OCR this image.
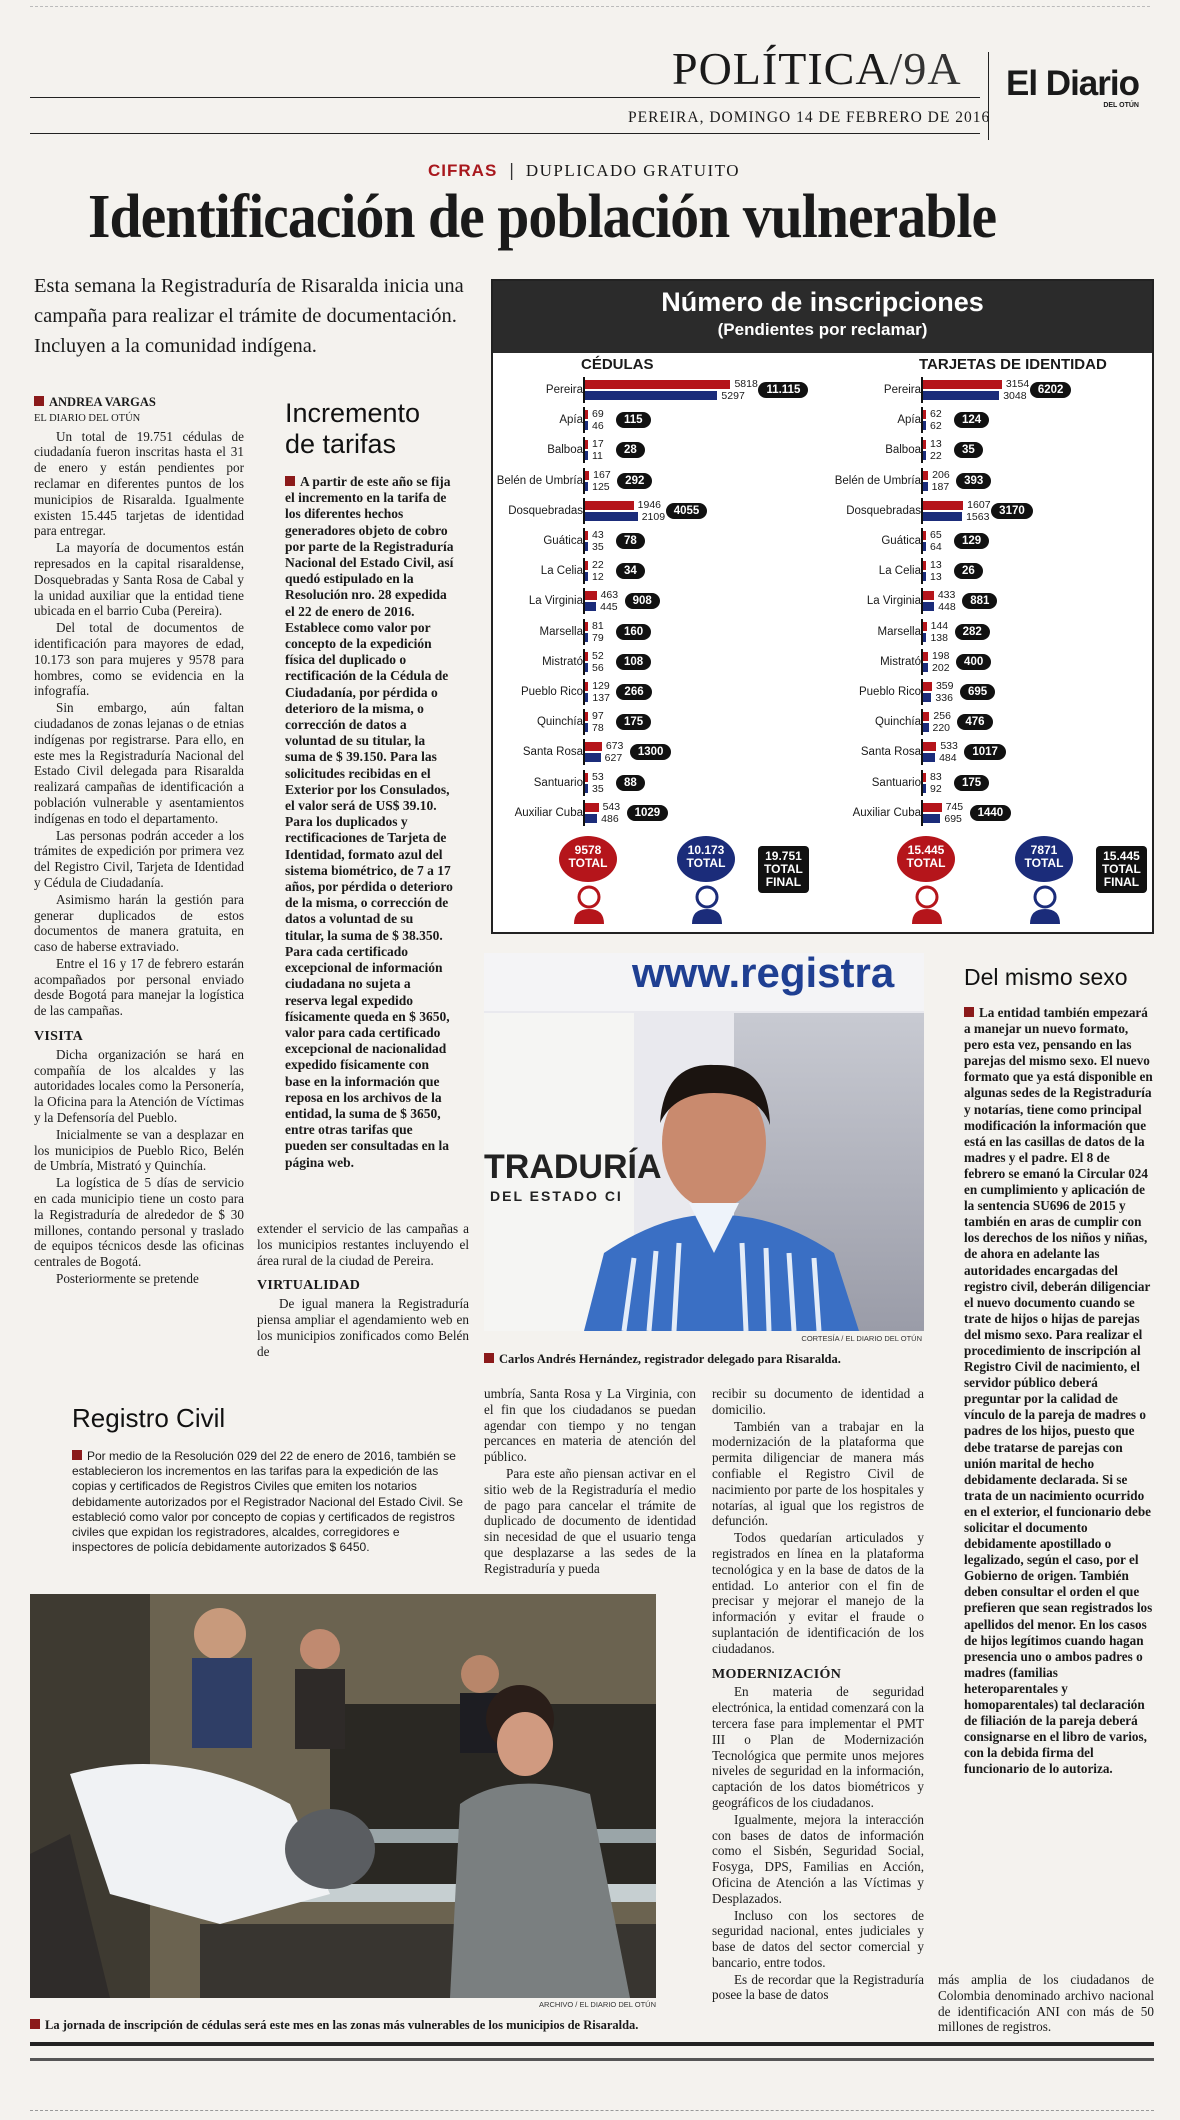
POLÍTICA/9A
PEREIRA, DOMINGO 14 DE FEBRERO DE 2016
El Diario
DEL OTÚN
CIFRAS | DUPLICADO GRATUITO
Identificación de población vulnerable
Esta semana la Registraduría de Risaralda inicia una campaña para realizar el trámite de documentación. Incluyen a la comunidad indígena.
ANDREA VARGAS
EL DIARIO DEL OTÚN

Un total de 19.751 cédulas de ciudadanía fueron inscritas hasta el 31 de enero y están pendientes por reclamar en diferentes puntos de los municipios de Risaralda. Igualmente existen 15.445 tarjetas de identidad para entregar.

La mayoría de documentos están represados en la capital risaraldense, Dosquebradas y Santa Rosa de Cabal y la unidad auxiliar que la entidad tiene ubicada en el barrio Cuba (Pereira).

Del total de documentos de identificación para mayores de edad, 10.173 son para mujeres y 9578 para hombres, como se evidencia en la infografía.

Sin embargo, aún faltan ciudadanos de zonas lejanas o de etnias indígenas por registrarse. Para ello, en este mes la Registraduría Nacional del Estado Civil delegada para Risaralda realizará campañas de identificación a población vulnerable y asentamientos indígenas en todo el departamento.

Las personas podrán acceder a los trámites de expedición por primera vez del Registro Civil, Tarjeta de Identidad y Cédula de Ciudadanía.

Asimismo harán la gestión para generar duplicados de estos documentos de manera gratuita, en caso de haberse extraviado.

Entre el 16 y 17 de febrero estarán acompañados por personal enviado desde Bogotá para manejar la logística de las campañas.

VISITA

Dicha organización se hará en compañía de los alcaldes y las autoridades locales como la Personería, la Oficina para la Atención de Víctimas y la Defensoría del Pueblo.

Inicialmente se van a desplazar en los municipios de Pueblo Rico, Belén de Umbría, Mistrató y Quinchía.

La logística de 5 días de servicio en cada municipio tiene un costo para la Registraduría de alrededor de $ 30 millones, contando personal y traslado de equipos técnicos desde las oficinas centrales de Bogotá.

Posteriormente se pretende

Incremento de tarifas
A partir de este año se fija el incremento en la tarifa de los diferentes hechos generadores objeto de cobro por parte de la Registraduría Nacional del Estado Civil, así quedó estipulado en la Resolución nro. 28 expedida el 22 de enero de 2016. Establece como valor por concepto de la expedición física del duplicado o rectificación de la Cédula de Ciudadanía, por pérdida o deterioro de la misma, o corrección de datos a voluntad de su titular, la suma de $ 39.150. Para las solicitudes recibidas en el Exterior por los Consulados, el valor será de US$ 39.10. Para los duplicados y rectificaciones de Tarjeta de Identidad, formato azul del sistema biométrico, de 7 a 17 años, por pérdida o deterioro de la misma, o corrección de datos a voluntad de su titular, la suma de $ 38.350. Para cada certificado excepcional de información ciudadana no sujeta a reserva legal expedido físicamente queda en $ 3650, valor para cada certificado excepcional de nacionalidad expedido físicamente con base en la información que reposa en los archivos de la entidad, la suma de $ 3650, entre otras tarifas que pueden ser consultadas en la página web.

extender el servicio de las campañas a los municipios restantes incluyendo el área rural de la ciudad de Pereira.

VIRTUALIDAD

De igual manera la Registraduría piensa ampliar el agendamiento web en los municipios zonificados como Belén de

Número de inscripciones
(Pendientes por reclamar)
CÉDULAS	TARJETAS DE IDENTIDAD
Pereira	5818
5297	11.115
Apía 69
46	115
Balboa 17
11	28
Belén de Umbría 167
125	292
Dosquebradas	1946
2109 4055
Guática 43
35	78
La Celia 22
12	34
La Virginia 463
445	908
Marsella 81
79	160
Mistrató 52
56	108
Pueblo Rico 129
137	266
Quinchía 97
78	175
Santa Rosa 673
627	1300
Santuario 53
35	88
Auxiliar Cuba 543
486	1029
9578
TOTAL
10.173
TOTAL	19.751
TOTAL
FINAL
Pereira	3154
3048 6202
Apía 62
62	124
Balboa 13
22	35
Belén de Umbría 206
187	393
Dosquebradas	1607
1563 3170
Guática 65
64	129
La Celia 13
13	26
La Virginia 433
448	881
Marsella 144
138	282
Mistrató 198
202	400
Pueblo Rico 359
336	695
Quinchía 256
220	476
Santa Rosa 533
484	1017
Santuario 83
92	175
Auxiliar Cuba 745
695	1440
15.445
TOTAL
7871
TOTAL	15.445
TOTAL
FINAL
www.registra
TRADURÍA
DEL ESTADO CI
CORTESÍA / EL DIARIO DEL OTÚN
Carlos Andrés Hernández, registrador delegado para Risaralda.

umbría, Santa Rosa y La Virginia, con el fin que los ciudadanos se puedan agendar con tiempo y no tengan percances en materia de atención del público.

Para este año piensan activar en el sitio web de la Registraduría el medio de pago para cancelar el trámite de duplicado de documento de identidad sin necesidad de que el usuario tenga que desplazarse a las sedes de la Registraduría y pueda

recibir su documento de identidad a domicilio.

También van a trabajar en la modernización de la plataforma que permita diligenciar de manera más confiable el Registro Civil de nacimiento por parte de los hospitales y notarías, al igual que los registros de defunción.

Todos quedarían articulados y registrados en línea en la plataforma tecnológica y en la base de datos de la entidad. Lo anterior con el fin de precisar y mejorar el manejo de la información y evitar el fraude o suplantación de identificación de los ciudadanos.

MODERNIZACIÓN

En materia de seguridad electrónica, la entidad comenzará con la tercera fase para implementar el PMT III o Plan de Modernización Tecnológica que permite unos mejores niveles de seguridad en la información, captación de los datos biométricos y geográficos de los ciudadanos.

Igualmente, mejora la interacción con bases de datos de información como el Sisbén, Seguridad Social, Fosyga, DPS, Familias en Acción, Oficina de Atención a las Víctimas y Desplazados.

Incluso con los sectores de seguridad nacional, entes judiciales y base de datos del sector comercial y bancario, entre todos.

Es de recordar que la Registraduría posee la base de datos

Del mismo sexo
La entidad también empezará a manejar un nuevo formato, pero esta vez, pensando en las parejas del mismo sexo. El nuevo formato que ya está disponible en algunas sedes de la Registraduría y notarías, tiene como principal modificación la información que está en las casillas de datos de la madres y el padre. El 8 de febrero se emanó la Circular 024 en cumplimiento y aplicación de la sentencia SU696 de 2015 y también en aras de cumplir con los derechos de los niños y niñas, de ahora en adelante las autoridades encargadas del registro civil, deberán diligenciar el nuevo documento cuando se trate de hijos o hijas de parejas del mismo sexo. Para realizar el procedimiento de inscripción al Registro Civil de nacimiento, el servidor público deberá preguntar por la calidad de vínculo de la pareja de madres o padres de los hijos, puesto que debe tratarse de parejas con unión marital de hecho debidamente declarada. Si se trata de un nacimiento ocurrido en el exterior, el funcionario debe solicitar el documento debidamente apostillado o legalizado, según el caso, por el Gobierno de origen. También deben consultar el orden el que prefieren que sean registrados los apellidos del menor. En los casos de hijos legítimos cuando hagan presencia uno o ambos padres o madres (familias heteroparentales y homoparentales) tal declaración de filiación de la pareja deberá consignarse en el libro de varios, con la debida firma del funcionario de lo autoriza.

más amplia de los ciudadanos de Colombia denominado archivo nacional de identificación ANI con más de 50 millones de registros.

Registro Civil
Por medio de la Resolución 029 del 22 de enero de 2016, también se establecieron los incrementos en las tarifas para la expedición de las copias y certificados de Registros Civiles que emiten los notarios debidamente autorizados por el Registrador Nacional del Estado Civil. Se estableció como valor por concepto de copias y certificados de registros civiles que expidan los registradores, alcaldes, corregidores e inspectores de policía debidamente autorizados $ 6450.
ARCHIVO / EL DIARIO DEL OTÚN
La jornada de inscripción de cédulas será este mes en las zonas más vulnerables de los municipios de Risaralda.
